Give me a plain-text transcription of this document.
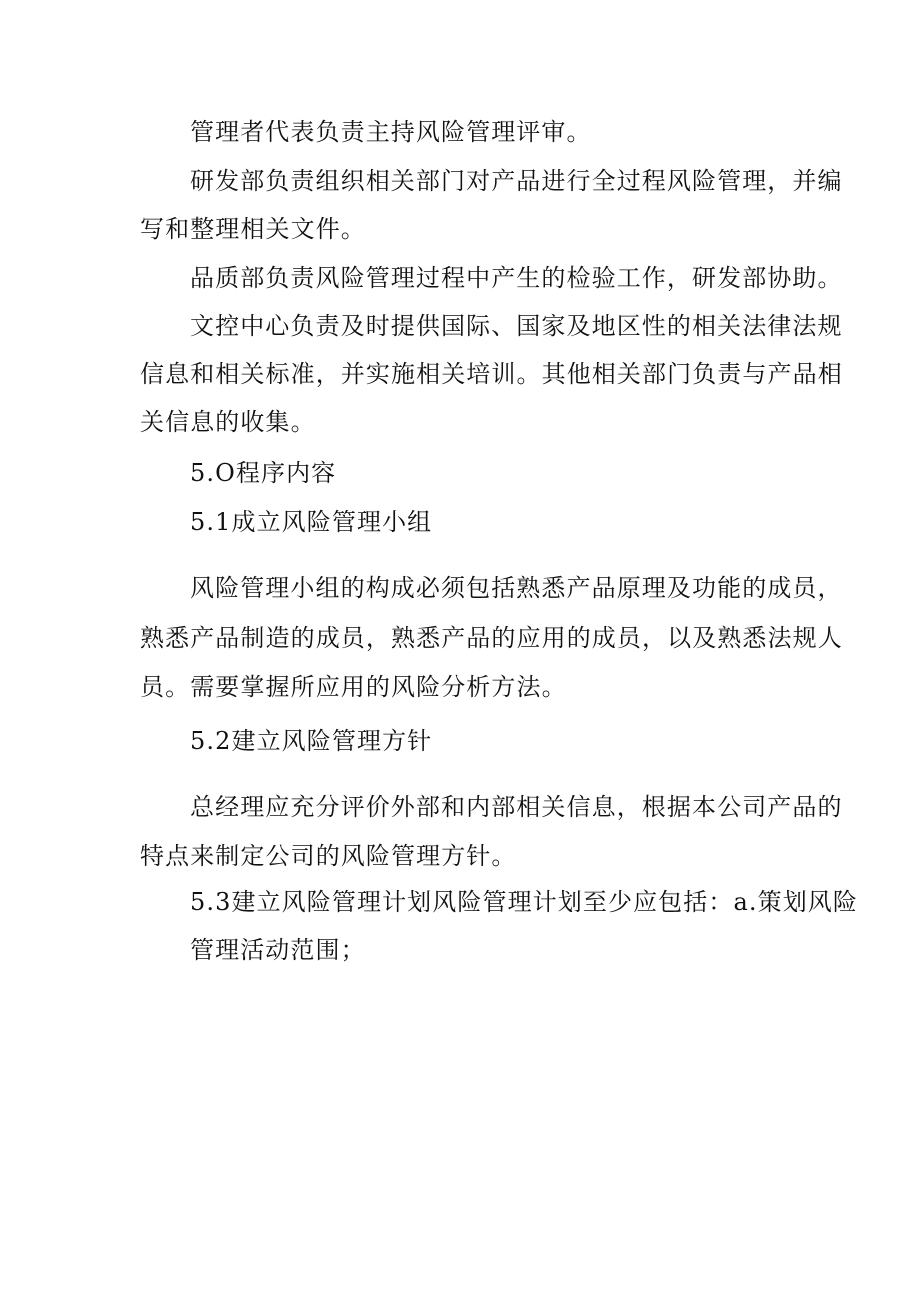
管理者代表负责主持风险管理评审。
研发部负责组织相关部门对产品进行全过程风险管理，并编
写和整理相关文件。
品质部负责风险管理过程中产生的检验工作，研发部协助。
文控中心负责及时提供国际、国家及地区性的相关法律法规
信息和相关标准，并实施相关培训。其他相关部门负责与产品相
关信息的收集。
5.O程序内容
5.1成立风险管理小组
风险管理小组的构成必须包括熟悉产品原理及功能的成员，
熟悉产品制造的成员，熟悉产品的应用的成员，以及熟悉法规人
员。需要掌握所应用的风险分析方法。
5.2建立风险管理方针
总经理应充分评价外部和内部相关信息，根据本公司产品的
特点来制定公司的风险管理方针。
5.3建立风险管理计划风险管理计划至少应包括：a.策划风险
管理活动范围；
